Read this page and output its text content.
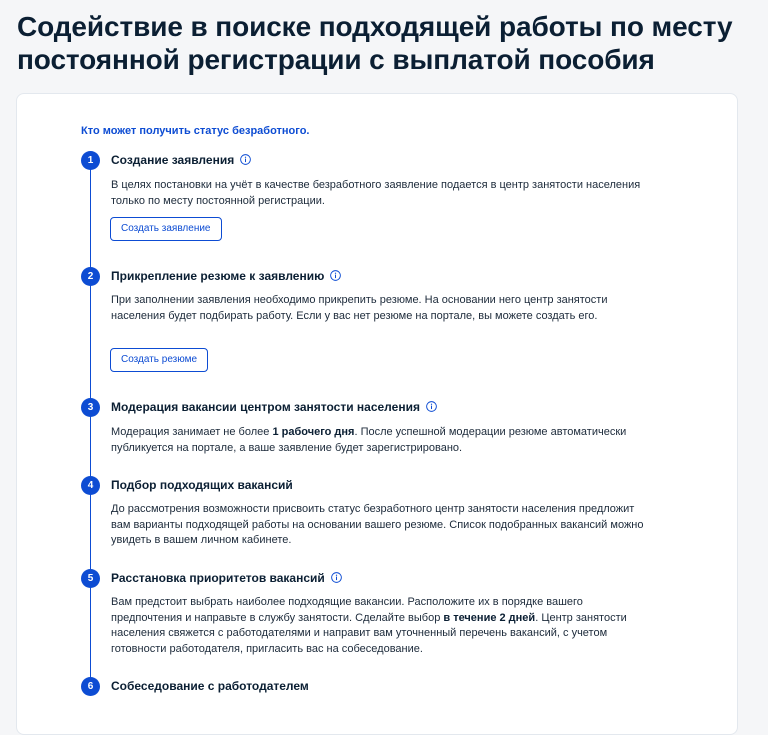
Содействие в поиске подходящей работы по месту постоянной регистрации с выплатой пособия
Кто может получить статус безработного.
1	Создание заявления

В целях постановки на учёт в качестве безработного заявление подается в центр занятости населения только по месту постоянной регистрации.

Создать заявление
2	Прикрепление резюме к заявлению

При заполнении заявления необходимо прикрепить резюме. На основании него центр занятости населения будет подбирать работу. Если у вас нет резюме на портале, вы можете создать его.

Создать резюме
3	Модерация вакансии центром занятости населения

Модерация занимает не более 1 рабочего дня. После успешной модерации резюме автоматически публикуется на портале, а ваше заявление будет зарегистрировано.

4	Подбор подходящих вакансий

До рассмотрения возможности присвоить статус безработного центр занятости населения предложит вам варианты подходящей работы на основании вашего резюме. Список подобранных вакансий можно увидеть в вашем личном кабинете.

5	Расстановка приоритетов вакансий

Вам предстоит выбрать наиболее подходящие вакансии. Расположите их в порядке вашего предпочтения и направьте в службу занятости. Сделайте выбор в течение 2 дней. Центр занятости населения свяжется с работодателями и направит вам уточненный перечень вакансий, с учетом готовности работодателя, пригласить вас на собеседование.

6	Собеседование с работодателем
